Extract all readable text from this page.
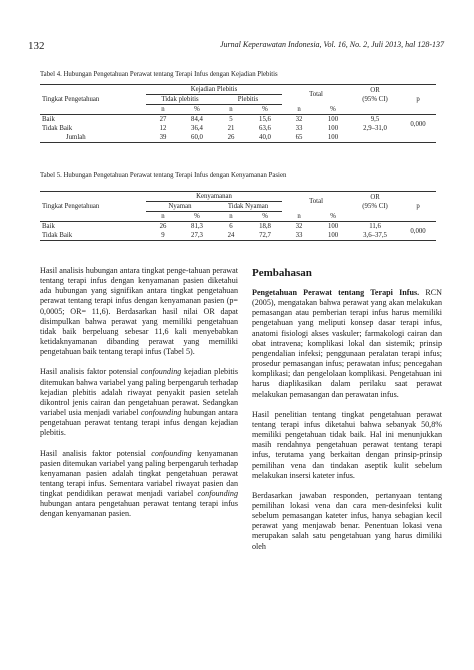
132	Jurnal Keperawatan Indonesia, Vol. 16, No. 2, Juli 2013, hal 128-137
Tabel 4. Hubungan Pengetahuan Perawat tentang Terapi Infus dengan Kejadian Plebitis
Tingkat Pengetahuan	Kejadian Plebitis				Total		OR
(95% CI)	p
	Tidak plebitis		Plebitis					
	n	%	n	%	n	%		
Baik	27	84,4	5	15,6	32	100	9,5	0,000
Tidak Baik	12	36,4	21	63,6	33	100	2,9–31,0	
Jumlah	39	60,0	26	40,0	65	100		
Tabel 5. Hubungan Pengetahuan Perawat tentang Terapi Infus dengan Kenyamanan Pasien
Tingkat Pengetahuan	Kenyamanan				Total		OR
(95% CI)	p
	Nyaman		Tidak Nyaman					
	n	%	n	%	n	%		
Baik	26	81,3	6	18,8	32	100	11,6	0,000
Tidak Baik	9	27,3	24	72,7	33	100	3,6–37,5	

Hasil analisis hubungan antara tingkat penge-tahuan perawat tentang terapi infus dengan kenyamanan pasien diketahui ada hubungan yang signifikan antara tingkat pengetahuan perawat tentang terapi infus dengan kenyamanan pasien (p= 0,0005; OR= 11,6). Berdasarkan hasil nilai OR dapat disimpulkan bahwa perawat yang memiliki pengetahuan tidak baik berpeluang sebesar 11,6 kali menyebabkan ketidaknyamanan dibanding perawat yang memiliki pengetahuan baik tentang terapi infus (Tabel 5).

Hasil analisis faktor potensial confounding kejadian plebitis ditemukan bahwa variabel yang paling berpengaruh terhadap kejadian plebitis adalah riwayat penyakit pasien setelah dikontrol jenis cairan dan pengetahuan perawat. Sedangkan variabel usia menjadi variabel confounding hubungan antara pengetahuan perawat tentang terapi infus dengan kejadian plebitis.

Hasil analisis faktor potensial confounding kenyamanan pasien ditemukan variabel yang paling berpengaruh terhadap kenyamanan pasien adalah tingkat pengetahuan perawat tentang terapi infus. Sementara variabel riwayat pasien dan tingkat pendidikan perawat menjadi variabel confounding hubungan antara pengetahuan perawat tentang terapi infus dengan kenyamanan pasien.

Pembahasan

Pengetahuan Perawat tentang Terapi Infus. RCN (2005), mengatakan bahwa perawat yang akan melakukan pemasangan atau pemberian terapi infus harus memiliki pengetahuan yang meliputi konsep dasar terapi infus, anatomi fisiologi akses vaskuler; farmakologi cairan dan obat intravena; komplikasi lokal dan sistemik; prinsip pengendalian infeksi; penggunaan peralatan terapi infus; prosedur pemasangan infus; perawatan infus; pencegahan komplikasi; dan pengelolaan komplikasi. Pengetahuan ini harus diaplikasikan dalam perilaku saat perawat melakukan pemasangan dan perawatan infus.

Hasil penelitian tentang tingkat pengetahuan perawat tentang terapi infus diketahui bahwa sebanyak 50,8% memiliki pengetahuan tidak baik. Hal ini menunjukkan masih rendahnya pengetahuan perawat tentang terapi infus, terutama yang berkaitan dengan prinsip-prinsip pemilihan vena dan tindakan aseptik kulit sebelum melakukan insersi kateter infus.

Berdasarkan jawaban responden, pertanyaan tentang pemilihan lokasi vena dan cara men-desinfeksi kulit sebelum pemasangan kateter infus, hanya sebagian kecil perawat yang menjawab benar. Penentuan lokasi vena merupakan salah satu pengetahuan yang harus dimiliki oleh
